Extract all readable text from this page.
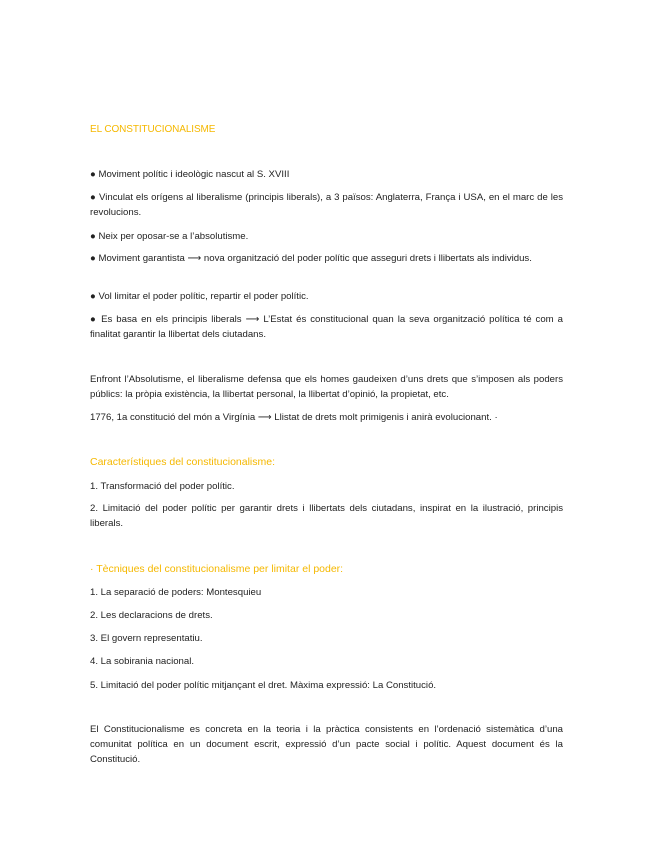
EL CONSTITUCIONALISME
● Moviment polític i ideològic nascut al S. XVIII
● Vinculat els orígens al liberalisme (principis liberals), a 3 països: Anglaterra, França i USA, en el marc de les revolucions.
● Neix per oposar-se a l’absolutisme.
● Moviment garantista ⟶ nova organització del poder polític que asseguri drets i llibertats als individus.
● Vol limitar el poder polític, repartir el poder polític.
● Es basa en els principis liberals ⟶ L’Estat és constitucional quan la seva organització política té com a finalitat garantir la llibertat dels ciutadans.
Enfront l’Absolutisme, el liberalisme defensa que els homes gaudeixen d’uns drets que s’imposen als poders públics: la pròpia existència, la llibertat personal, la llibertat d’opinió, la propietat, etc.
1776, 1a constitució del món a Virgínia ⟶ Llistat de drets molt primigenis i anirà evolucionant. ·
Característiques del constitucionalisme:
1. Transformació del poder polític.
2. Limitació del poder polític per garantir drets i llibertats dels ciutadans, inspirat en la ilustració, principis liberals.
· Tècniques del constitucionalisme per limitar el poder:
1. La separació de poders: Montesquieu
2. Les declaracions de drets.
3. El govern representatiu.
4. La sobirania nacional.
5. Limitació del poder polític mitjançant el dret. Màxima expressió: La Constitució.
El Constitucionalisme es concreta en la teoria i la pràctica consistents en l’ordenació sistemàtica d’una comunitat política en un document escrit, expressió d’un pacte social i polític. Aquest document és la Constitució.
